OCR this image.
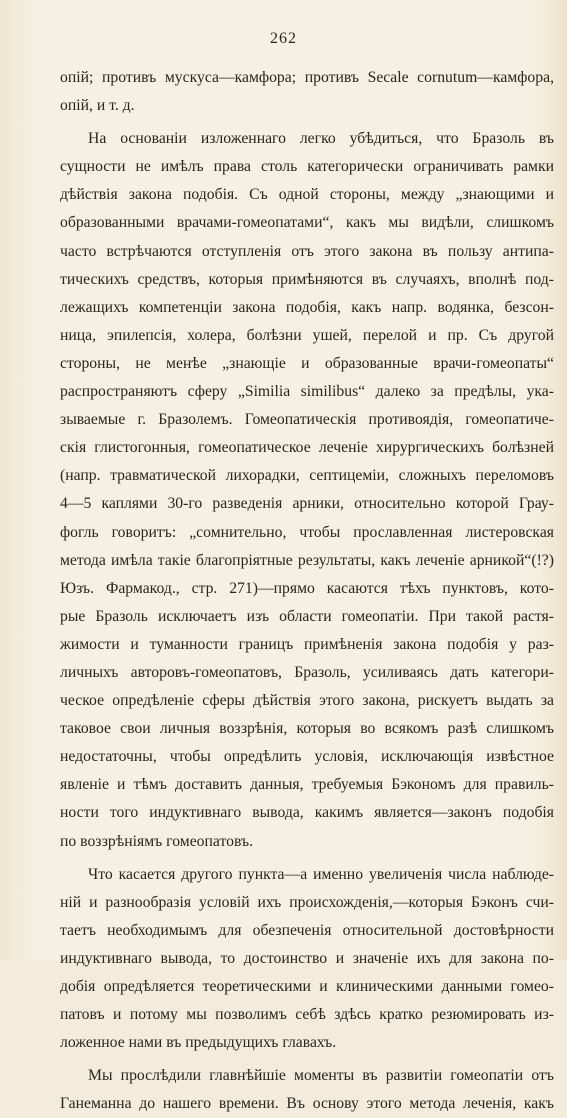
262
опій; противъ мускуса—камфора; противъ Secale cornutum—камфора,
опій, и т. д.
На основаніи изложеннаго легко убѣдиться, что Бразоль въ
сущности не имѣлъ права столь категорически ограничивать рамки
дѣйствія закона подобія. Съ одной стороны, между „знающими и
образованными врачами-гомеопатами“, какъ мы видѣли, слишкомъ
часто встрѣчаются отступленія отъ этого закона въ пользу антипа-
тическихъ средствъ, которыя примѣняются въ случаяхъ, вполнѣ под-
лежащихъ компетенціи закона подобія, какъ напр. водянка, безсон-
ница, эпилепсія, холера, болѣзни ушей, перелой и пр. Съ другой
стороны, не менѣе „знающіе и образованные врачи-гомеопаты“
распространяютъ сферу „Similia similibus“ далеко за предѣлы, ука-
зываемые г. Бразолемъ. Гомеопатическія противоядія, гомеопатиче-
скія глистогонныя, гомеопатическое леченіе хирургическихъ болѣзней
(напр. травматической лихорадки, септицеміи, сложныхъ переломовъ
4—5 каплями 30-го разведенія арники, относительно которой Грау-
фогль говоритъ: „сомнительно, чтобы прославленная листеровская
метода имѣла такіе благопріятные результаты, какъ леченіе арникой“(!?)
Юзъ. Фармакод., стр. 271)—прямо касаются тѣхъ пунктовъ, кото-
рые Бразоль исключаетъ изъ области гомеопатіи. При такой растя-
жимости и туманности границъ примѣненія закона подобія у раз-
личныхъ авторовъ-гомеопатовъ, Бразоль, усиливаясь дать категори-
ческое опредѣленіе сферы дѣйствія этого закона, рискуетъ выдать за
таковое свои личныя воззрѣнія, которыя во всякомъ разѣ слишкомъ
недостаточны, чтобы опредѣлить условія, исключающія извѣстное
явленіе и тѣмъ доставить данныя, требуемыя Бэкономъ для правиль-
ности того индуктивнаго вывода, какимъ является—законъ подобія
по воззрѣніямъ гомеопатовъ.
Что касается другого пункта—а именно увеличенія числа наблюде-
ній и разнообразія условій ихъ происхожденія,—которыя Бэконъ счи-
таетъ необходимымъ для обезпеченія относительной достовѣрности
индуктивнаго вывода, то достоинство и значеніе ихъ для закона по-
добія опредѣляется теоретическими и клиническими данными гомео-
патовъ и потому мы позволимъ себѣ здѣсь кратко резюмировать из-
ложенное нами въ предыдущихъ главахъ.
Мы прослѣдили главнѣйшіе моменты въ развитіи гомеопатіи отъ
Ганеманна до нашего времени. Въ основу этого метода леченія, какъ
